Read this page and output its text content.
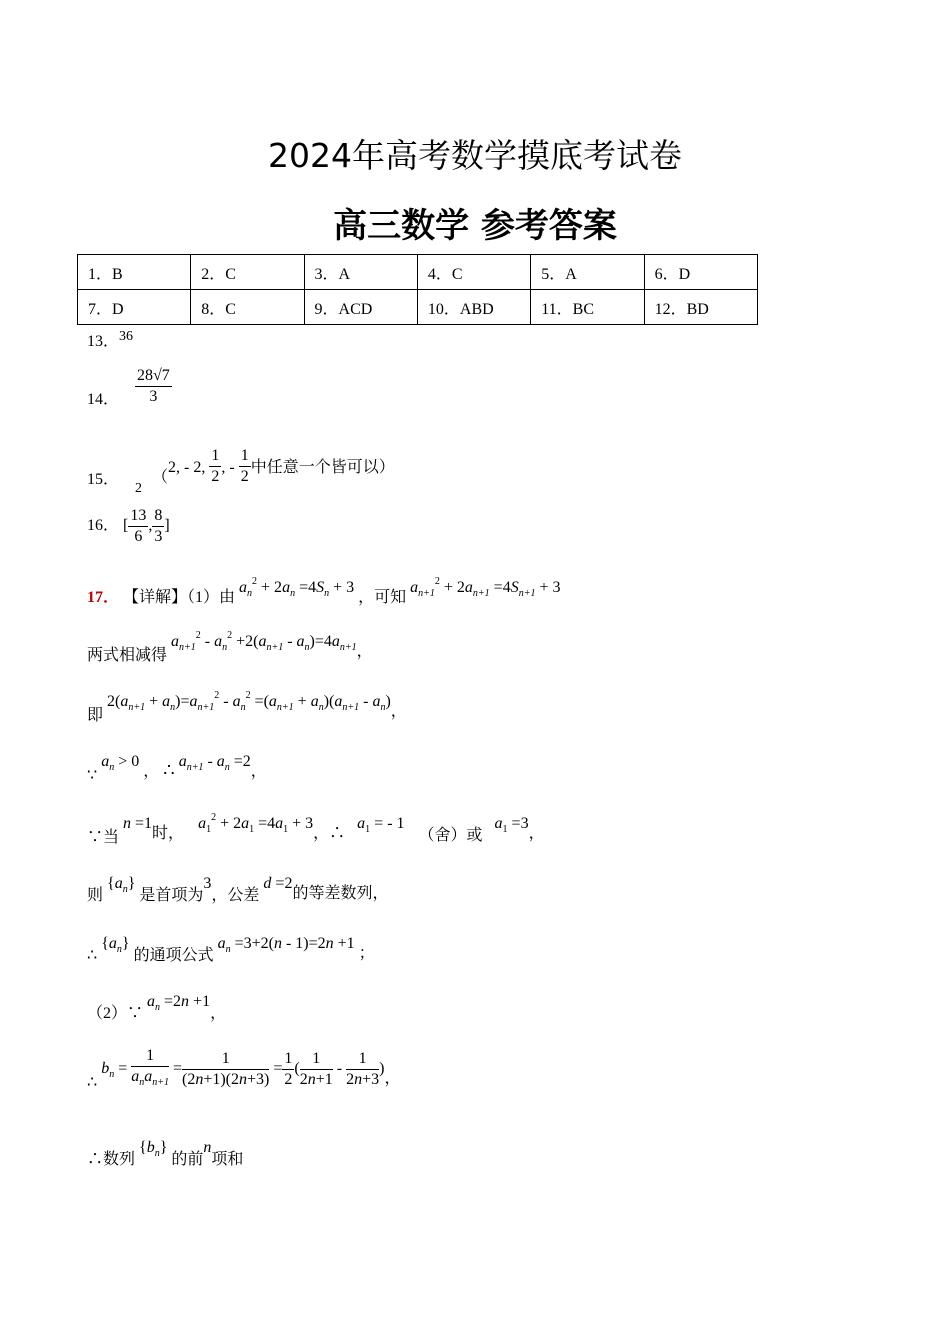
2024年高考数学摸底考试卷
高三数学 参考答案
1．B	2．C	3．A	4．C	5．A	6．D
7．D	8．C	9．ACD	10．ABD	11．BC	12．BD
13．36
14． $\frac{28√7}{3}$
15． 2 （2, - 2, $\frac{1}{2}$ , - $\frac{1}{2}$ 中任意一个皆可以）
16． [ $\frac{13}{6}$ , $\frac{8}{3}$ ]
17． 【详解】（1）由 $a_n^2 + 2a_n =4S_n + 3$ ，可知 $a_{n+1}^2 + 2a_{n+1} =4S_{n+1} + 3$
两式相减得 $a_{n+1}^2 - a_n^2 +2(a_{n+1} - a_n)=4a_{n+1}$，
即 $2(a_{n+1} + a_n)=a_{n+1}^2 - a_n^2 =(a_{n+1} + a_n)(a_{n+1} - a_n)$，
∵ $a_n > 0$ ， ∴ $a_{n+1} - a_n =2$，
∵当 n =1时， $a_1^2 + 2a_1 =4a_1 + 3$，∴ $a_1$ = - 1 （舍）或 $a_1 =3$，
则 $\{a_n\}$ 是首项为3，公差 d =2的等差数列，
∴ $\{a_n\}$ 的通项公式 $a_n =3+2(n - 1)=2n +1$ ；
（2）∵ $a_n =2n +1$，
∴ $b_n = \frac{1}{a_na_{n+1}} = \frac{1}{(2n+1)(2n+3)} = \frac{1}{2}$ ( $\frac{1}{2n+1} - \frac{1}{2n+3}$ )，
∴数列 $\{b_n\}$ 的前n项和
